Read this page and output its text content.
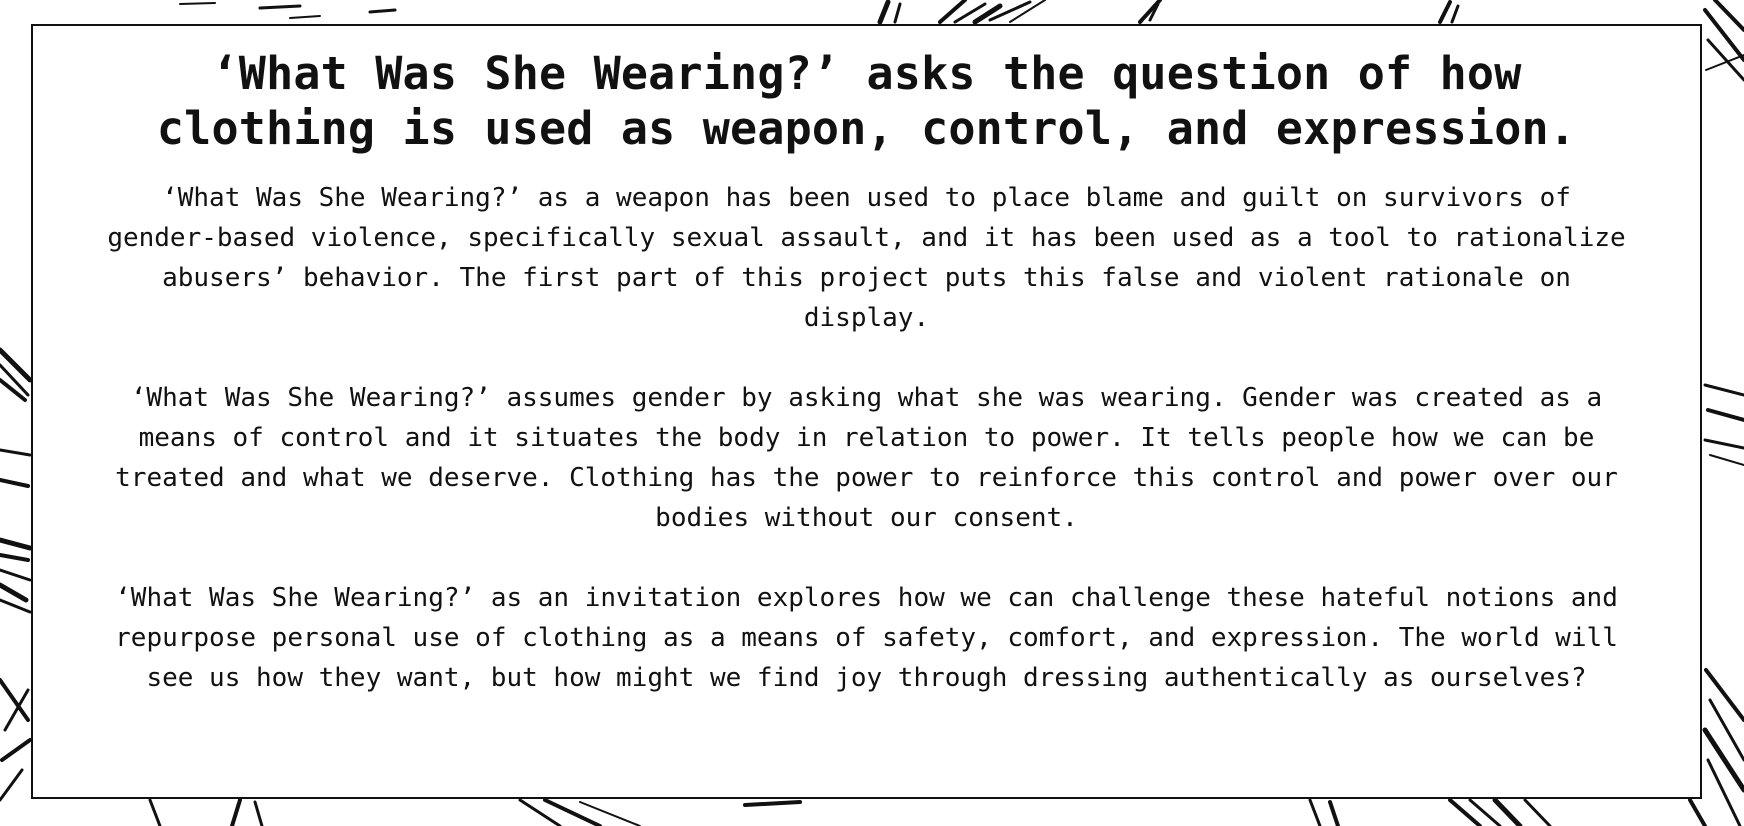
‘What Was She Wearing?’ asks the question of how clothing is used as weapon, control, and expression.

‘What Was She Wearing?’ as a weapon has been used to place blame and guilt on survivors of gender-based violence, specifically sexual assault, and it has been used as a tool to rationalize abusers’ behavior. The first part of this project puts this false and violent rationale on display.

‘What Was She Wearing?’ assumes gender by asking what she was wearing. Gender was created as a means of control and it situates the body in relation to power. It tells people how we can be treated and what we deserve. Clothing has the power to reinforce this control and power over our bodies without our consent.

‘What Was She Wearing?’ as an invitation explores how we can challenge these hateful notions and repurpose personal use of clothing as a means of safety, comfort, and expression. The world will see us how they want, but how might we find joy through dressing authentically as ourselves?
